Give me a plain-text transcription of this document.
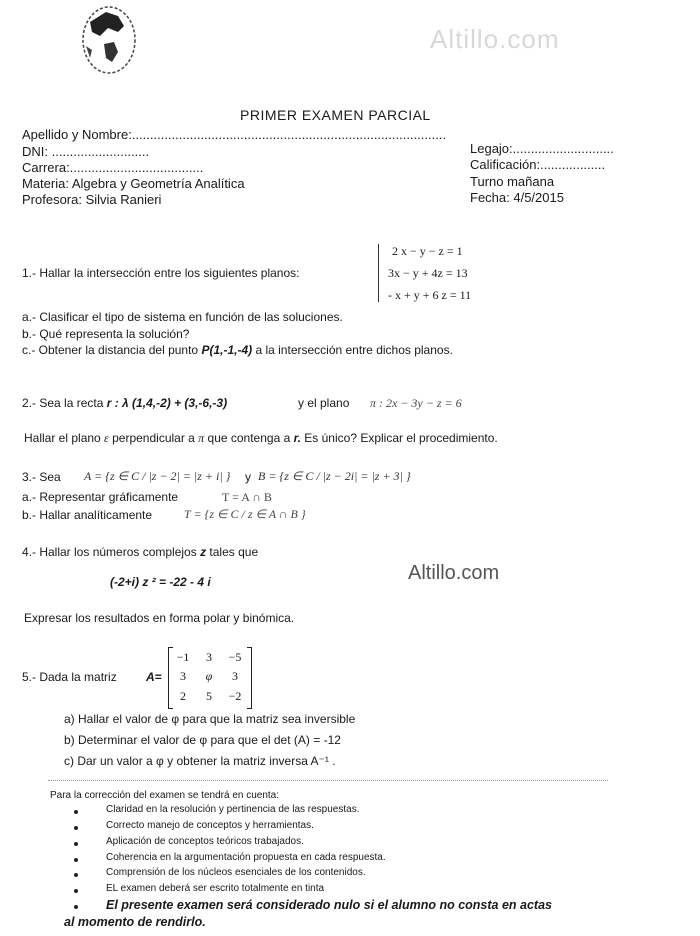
Altillo.com
PRIMER EXAMEN PARCIAL
Apellido y Nombre:.......................................................................................
DNI: ...........................
Carrera:.....................................
Materia: Algebra y Geometría Analítica
Profesora: Silvia Ranieri
Legajo:............................
Calificación:..................
Turno mañana
Fecha: 4/5/2015
1.- Hallar la intersección entre los siguientes planos:
2 x − y − z = 1
3x − y + 4z = 13
- x + y + 6 z = 11
a.- Clasificar el tipo de sistema en función de las soluciones.
b.- Qué representa la solución?
c.- Obtener la distancia del punto P(1,-1,-4) a la intersección entre dichos planos.
2.- Sea la recta r : λ (1,4,-2) + (3,-6,-3)	y el plano π : 2x − 3y − z = 6
Hallar el plano ε perpendicular a π que contenga a r. Es único? Explicar el procedimiento.
3.- Sea A = {z ∈ C / |z − 2| = |z + i| } y B = {z ∈ C / |z − 2i| = |z + 3| }
a.- Representar gráficamente	T = A ∩ B
b.- Hallar analíticamente	T = {z ∈ C / z ∈ A ∩ B }
4.- Hallar los números complejos z tales que
(-2+i) z ² = -22 - 4 i	Altillo.com
Expresar los resultados en forma polar y binómica.
5.- Dada la matriz A=
−1	3	−5
3	φ	3
2	5	−2
a) Hallar el valor de φ para que la matriz sea inversible
b) Determinar el valor de φ para que el det (A) = -12
c) Dar un valor a φ y obtener la matriz inversa A⁻¹ .
Para la corrección del examen se tendrá en cuenta:
Claridad en la resolución y pertinencia de las respuestas.
Correcto manejo de conceptos y herramientas.
Aplicación de conceptos teóricos trabajados.
Coherencia en la argumentación propuesta en cada respuesta.
Comprensión de los núcleos esenciales de los contenidos.
EL examen deberá ser escrito totalmente en tinta
El presente examen será considerado nulo si el alumno no consta en actas
al momento de rendirlo.
